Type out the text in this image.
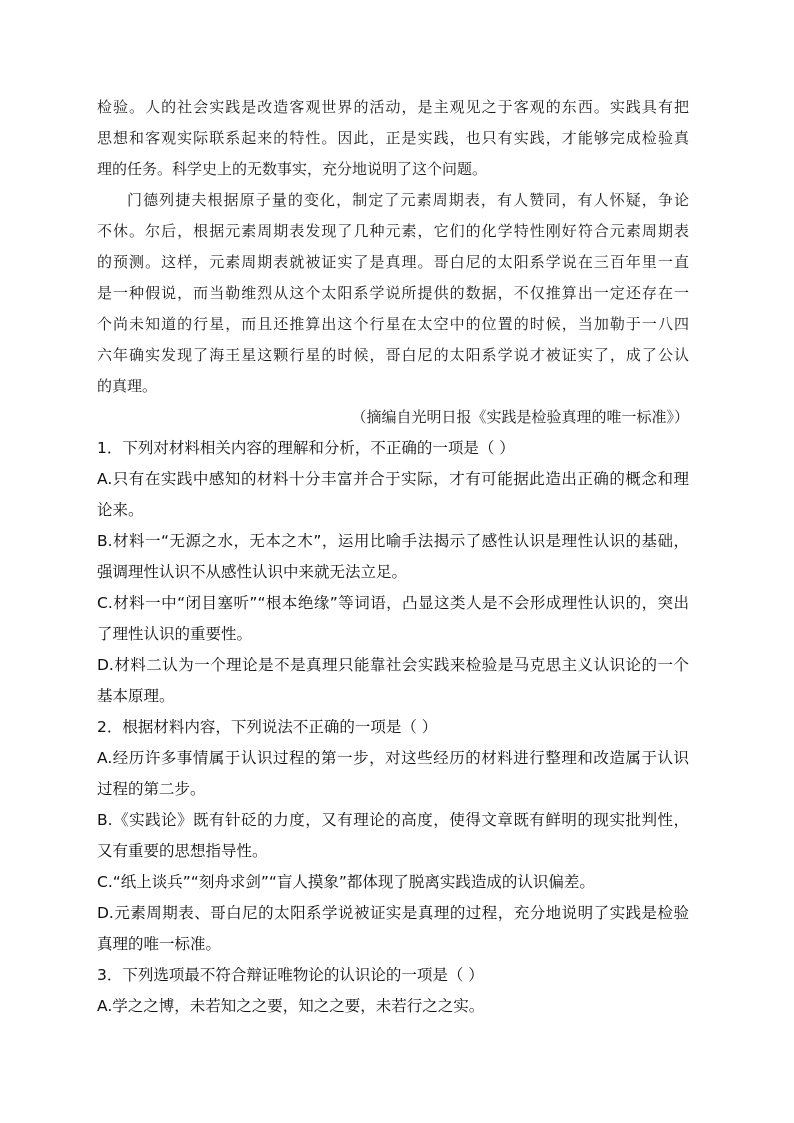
检验。人的社会实践是改造客观世界的活动，是主观见之于客观的东西。实践具有把
思想和客观实际联系起来的特性。因此，正是实践，也只有实践，才能够完成检验真
理的任务。科学史上的无数事实，充分地说明了这个问题。
门德列捷夫根据原子量的变化，制定了元素周期表，有人赞同，有人怀疑，争论
不休。尔后，根据元素周期表发现了几种元素，它们的化学特性刚好符合元素周期表
的预测。这样，元素周期表就被证实了是真理。哥白尼的太阳系学说在三百年里一直
是一种假说，而当勒维烈从这个太阳系学说所提供的数据，不仅推算出一定还存在一
个尚未知道的行星，而且还推算出这个行星在太空中的位置的时候，当加勒于一八四
六年确实发现了海王星这颗行星的时候，哥白尼的太阳系学说才被证实了，成了公认
的真理。
（摘编自光明日报《实践是检验真理的唯一标准》）
1．下列对材料相关内容的理解和分析，不正确的一项是（ ）
A.只有在实践中感知的材料十分丰富并合于实际，才有可能据此造出正确的概念和理
论来。
B.材料一“无源之水，无本之木”，运用比喻手法揭示了感性认识是理性认识的基础，
强调理性认识不从感性认识中来就无法立足。
C.材料一中“闭目塞听”“根本绝缘”等词语，凸显这类人是不会形成理性认识的，突出
了理性认识的重要性。
D.材料二认为一个理论是不是真理只能靠社会实践来检验是马克思主义认识论的一个
基本原理。
2．根据材料内容，下列说法不正确的一项是（ ）
A.经历许多事情属于认识过程的第一步，对这些经历的材料进行整理和改造属于认识
过程的第二步。
B.《实践论》既有针砭的力度，又有理论的高度，使得文章既有鲜明的现实批判性，
又有重要的思想指导性。
C.“纸上谈兵”“刻舟求剑”“盲人摸象”都体现了脱离实践造成的认识偏差。
D.元素周期表、哥白尼的太阳系学说被证实是真理的过程，充分地说明了实践是检验
真理的唯一标准。
3．下列选项最不符合辩证唯物论的认识论的一项是（ ）
A.学之之博，未若知之之要，知之之要，未若行之之实。
